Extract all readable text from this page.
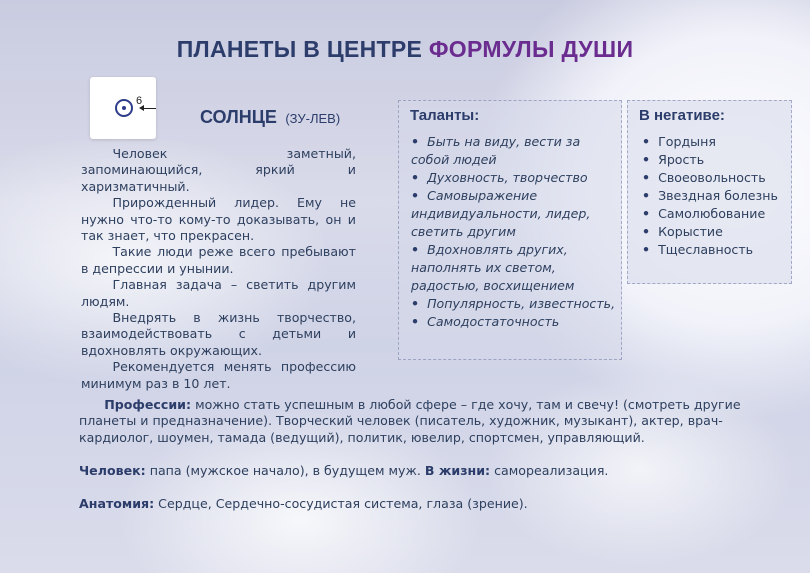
ПЛАНЕТЫ В ЦЕНТРЕ ФОРМУЛЫ ДУШИ
6
СОЛНЦЕ (ЗУ-ЛЕВ)

   Человек заметный, запоминающийся, яркий и харизматичный.

   Прирожденный лидер. Ему не нужно что-то кому-то доказывать, он и так знает, что прекрасен.

   Такие люди реже всего пребывают в депрессии и унынии.

   Главная задача – светить другим людям.

   Внедрять в жизнь творчество, взаимодействовать с детьми и вдохновлять окружающих.

   Рекомендуется менять профессию минимум раз в 10 лет.

Таланты:
• Быть на виду, вести за собой людей
• Духовность, творчество
• Самовыражение индивидуальности, лидер, светить другим
• Вдохновлять других, наполнять их светом, радостью, восхищением
• Популярность, известность,
• Самодостаточность
В негативе:
• Гордыня
• Ярость
• Своеовольность
• Звездная болезнь
• Самолюбование
• Корыстие
• Тщеславность
  Профессии: можно стать успешным в любой сфере – где хочу, там и свечу! (смотреть другие планеты и предназначение). Творческий человек (писатель, художник, музыкант), актер, врач-кардиолог, шоумен, тамада (ведущий), политик, ювелир, спортсмен, управляющий.
Человек: папа (мужское начало), в будущем муж. В жизни: самореализация.
Анатомия: Сердце, Сердечно-сосудистая система, глаза (зрение).
